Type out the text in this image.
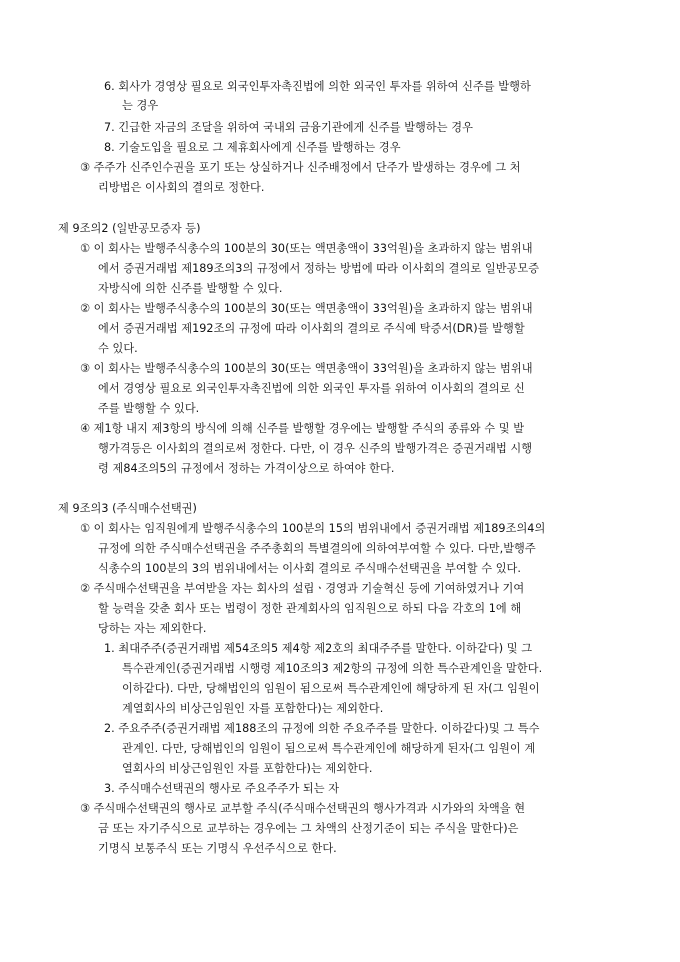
6. 회사가 경영상 필요로 외국인투자촉진법에 의한 외국인 투자를 위하여 신주를 발행하
는 경우
7. 긴급한 자금의 조달을 위하여 국내외 금융기관에게 신주를 발행하는 경우
8. 기술도입을 필요로 그 제휴회사에게 신주를 발행하는 경우
③ 주주가 신주인수권을 포기 또는 상실하거나 신주배정에서 단주가 발생하는 경우에 그 처
리방법은 이사회의 결의로 정한다.
제 9조의2 (일반공모증자 등)
① 이 회사는 발행주식총수의 100분의 30(또는 액면총액이 33억원)을 초과하지 않는 범위내
에서 증권거래법 제189조의3의 규정에서 정하는 방법에 따라 이사회의 결의로 일반공모증
자방식에 의한 신주를 발행할 수 있다.
② 이 회사는 발행주식총수의 100분의 30(또는 액면총액이 33억원)을 초과하지 않는 범위내
에서 증권거래법 제192조의 규정에 따라 이사회의 결의로 주식예 탁증서(DR)를 발행할
수 있다.
③ 이 회사는 발행주식총수의 100분의 30(또는 액면총액이 33억원)을 초과하지 않는 범위내
에서 경영상 필요로 외국인투자촉진법에 의한 외국인 투자를 위하여 이사회의 결의로 신
주를 발행할 수 있다.
④ 제1항 내지 제3항의 방식에 의해 신주를 발행할 경우에는 발행할 주식의 종류와 수 및 발
행가격등은 이사회의 결의로써 정한다. 다만, 이 경우 신주의 발행가격은 증권거래법 시행
령 제84조의5의 규정에서 정하는 가격이상으로 하여야 한다.
제 9조의3 (주식매수선택권)
① 이 회사는 임직원에게 발행주식총수의 100분의 15의 범위내에서 증권거래법 제189조의4의
규정에 의한 주식매수선택권을 주주총회의 특별결의에 의하여부여할 수 있다. 다만,발행주
식총수의 100분의 3의 범위내에서는 이사회 결의로 주식매수선택권을 부여할 수 있다.
② 주식매수선택권을 부여받을 자는 회사의 설립ㆍ경영과 기술혁신 등에 기여하였거나 기여
할 능력을 갖춘 회사 또는 법령이 정한 관계회사의 임직원으로 하되 다음 각호의 1에 해
당하는 자는 제외한다.
1. 최대주주(증권거래법 제54조의5 제4항 제2호의 최대주주를 말한다. 이하같다) 및 그
특수관계인(증권거래법 시행령 제10조의3 제2항의 규정에 의한 특수관계인을 말한다.
이하같다). 다만, 당해법인의 임원이 됨으로써 특수관계인에 해당하게 된 자(그 임원이
계열회사의 비상근임원인 자를 포함한다)는 제외한다.
2. 주요주주(증권거래법 제188조의 규정에 의한 주요주주를 말한다. 이하같다)및 그 특수
관계인. 다만, 당해법인의 임원이 됨으로써 특수관계인에 해당하게 된자(그 임원이 계
열회사의 비상근임원인 자를 포함한다)는 제외한다.
3. 주식매수선택권의 행사로 주요주주가 되는 자
③ 주식매수선택권의 행사로 교부할 주식(주식매수선택권의 행사가격과 시가와의 차액을 현
금 또는 자기주식으로 교부하는 경우에는 그 차액의 산정기준이 되는 주식을 말한다)은
기명식 보통주식 또는 기명식 우선주식으로 한다.
